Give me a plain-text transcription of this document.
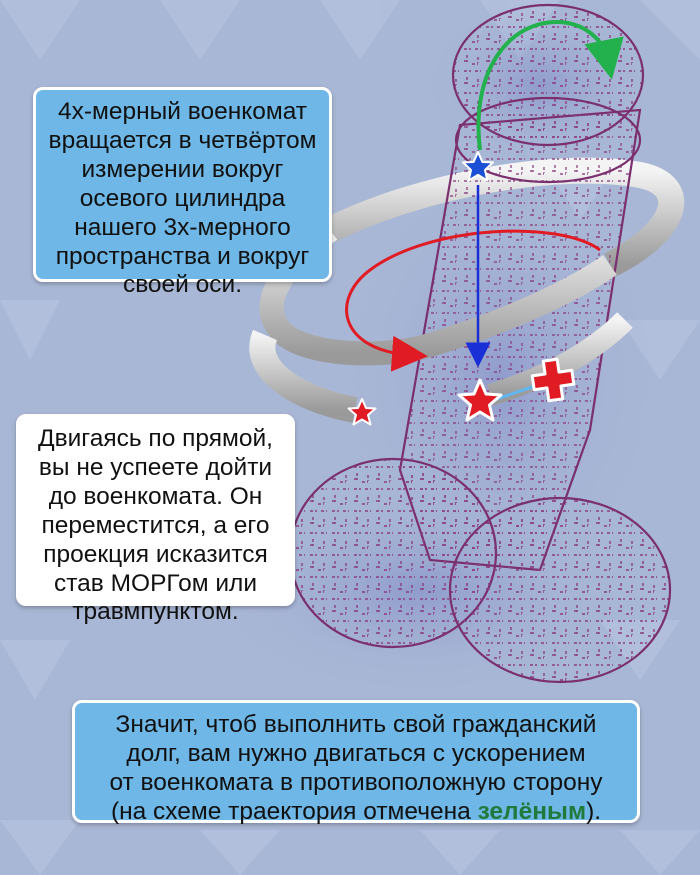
4х-мерный военкомат
вращается в четвёртом
измерении вокруг
осевого цилиндра
нашего 3х-мерного
пространства и вокруг
своей оси.
Двигаясь по прямой,
вы не успеете дойти
до военкомата. Он
переместится, а его
проекция исказится
став МОРГом или
травмпунктом.
Значит, чтоб выполнить свой гражданский
долг, вам нужно двигаться с ускорением
от военкомата в противоположную сторону
(на схеме траектория отмечена зелёным).
